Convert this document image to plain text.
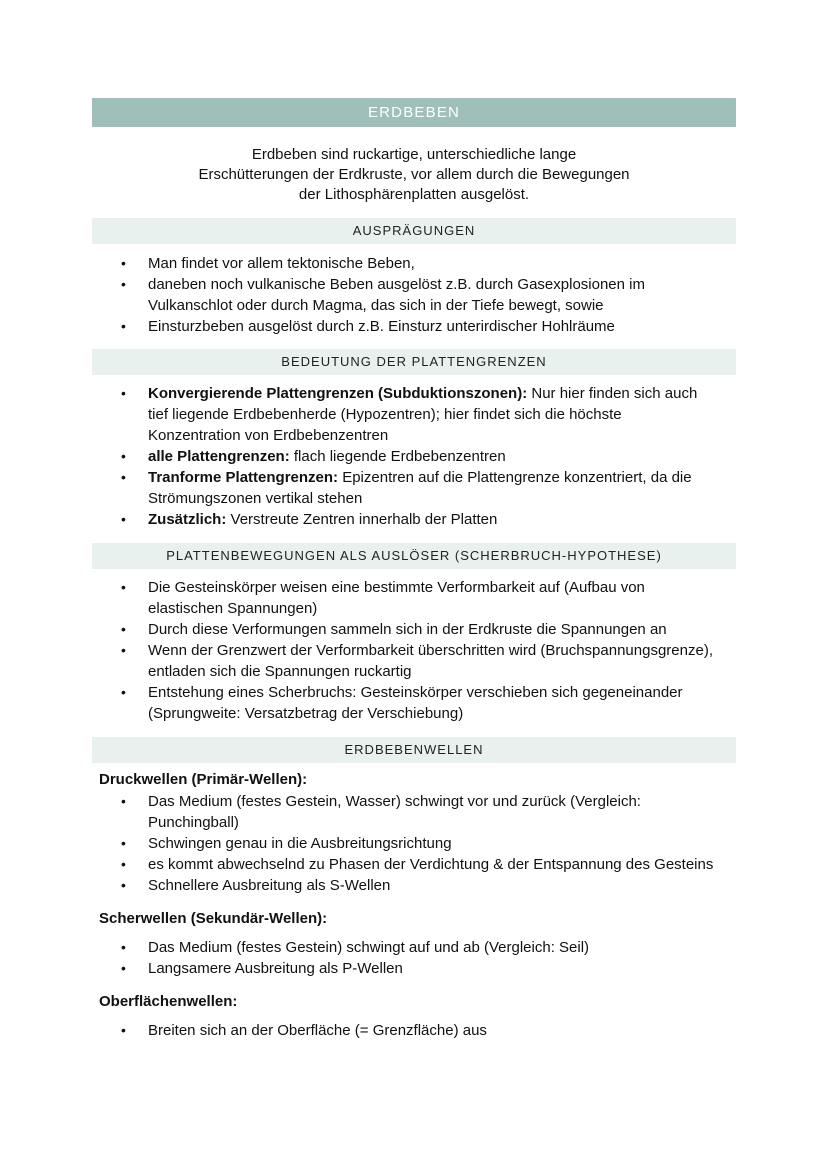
ERDBEBEN
Erdbeben sind ruckartige, unterschiedliche lange
Erschütterungen der Erdkruste, vor allem durch die Bewegungen
der Lithosphärenplatten ausgelöst.
AUSPRÄGUNGEN
• Man findet vor allem tektonische Beben,
• daneben noch vulkanische Beben ausgelöst z.B. durch Gasexplosionen im
Vulkanschlot oder durch Magma, das sich in der Tiefe bewegt, sowie
• Einsturzbeben ausgelöst durch z.B. Einsturz unterirdischer Hohlräume
BEDEUTUNG DER PLATTENGRENZEN
• Konvergierende Plattengrenzen (Subduktionszonen): Nur hier finden sich auch
tief liegende Erdbebenherde (Hypozentren); hier findet sich die höchste
Konzentration von Erdbebenzentren
• alle Plattengrenzen: flach liegende Erdbebenzentren
• Tranforme Plattengrenzen: Epizentren auf die Plattengrenze konzentriert, da die
Strömungszonen vertikal stehen
• Zusätzlich: Verstreute Zentren innerhalb der Platten
PLATTENBEWEGUNGEN ALS AUSLÖSER (SCHERBRUCH-HYPOTHESE)
• Die Gesteinskörper weisen eine bestimmte Verformbarkeit auf (Aufbau von
elastischen Spannungen)
• Durch diese Verformungen sammeln sich in der Erdkruste die Spannungen an
• Wenn der Grenzwert der Verformbarkeit überschritten wird (Bruchspannungsgrenze),
entladen sich die Spannungen ruckartig
• Entstehung eines Scherbruchs: Gesteinskörper verschieben sich gegeneinander
(Sprungweite: Versatzbetrag der Verschiebung)
ERDBEBENWELLEN
Druckwellen (Primär-Wellen):
• Das Medium (festes Gestein, Wasser) schwingt vor und zurück (Vergleich:
Punchingball)
• Schwingen genau in die Ausbreitungsrichtung
• es kommt abwechselnd zu Phasen der Verdichtung & der Entspannung des Gesteins
• Schnellere Ausbreitung als S-Wellen
Scherwellen (Sekundär-Wellen):
• Das Medium (festes Gestein) schwingt auf und ab (Vergleich: Seil)
• Langsamere Ausbreitung als P-Wellen
Oberflächenwellen:
• Breiten sich an der Oberfläche (= Grenzfläche) aus
